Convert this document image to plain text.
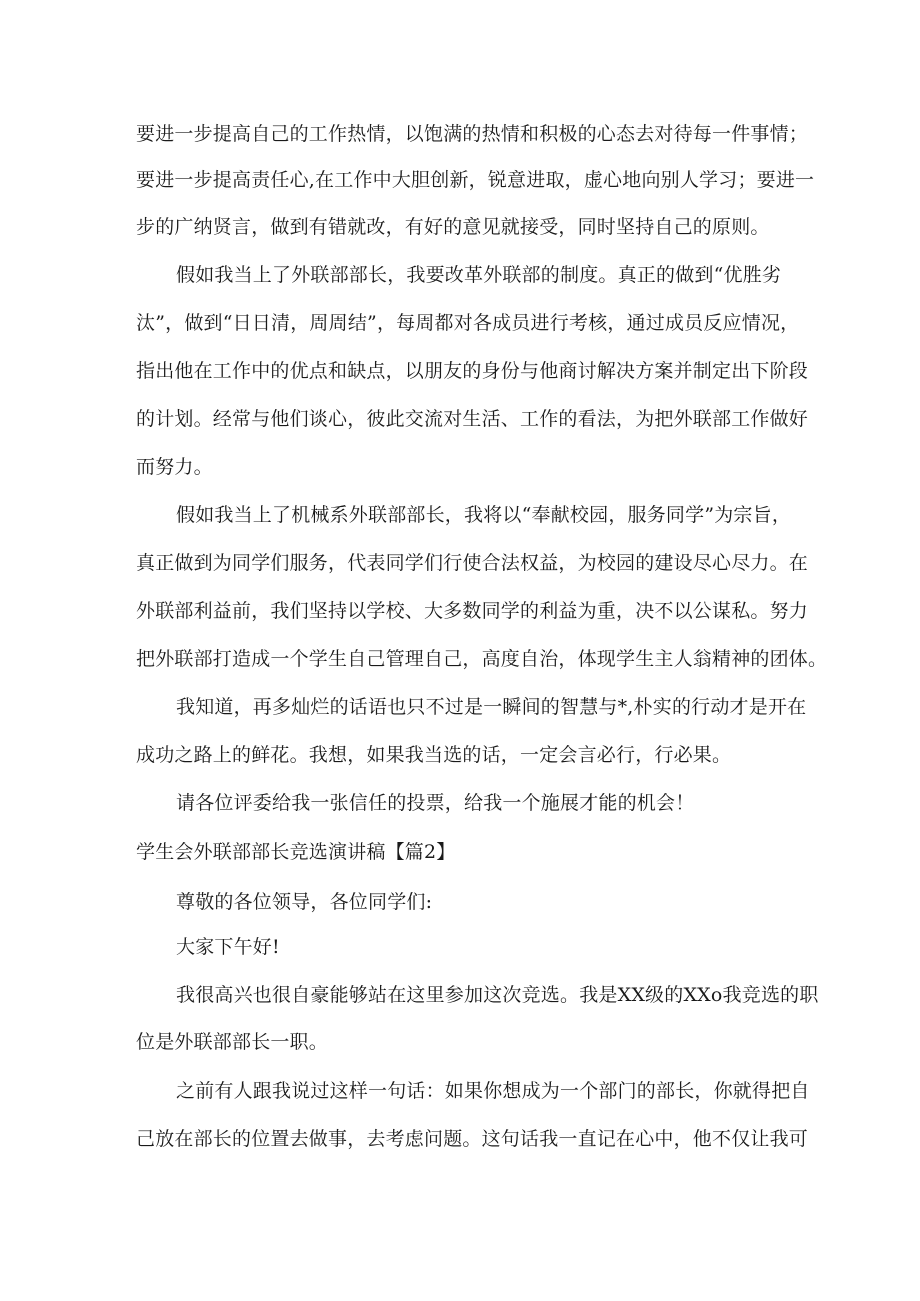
要进一步提高自己的工作热情，以饱满的热情和积极的心态去对待每一件事情；
要进一步提高责任心,在工作中大胆创新，锐意进取，虚心地向别人学习；要进一
步的广纳贤言，做到有错就改，有好的意见就接受，同时坚持自己的原则。
假如我当上了外联部部长，我要改革外联部的制度。真正的做到“优胜劣
汰”，做到“日日清，周周结”，每周都对各成员进行考核，通过成员反应情况，
指出他在工作中的优点和缺点，以朋友的身份与他商讨解决方案并制定出下阶段
的计划。经常与他们谈心，彼此交流对生活、工作的看法，为把外联部工作做好
而努力。
假如我当上了机械系外联部部长，我将以“奉献校园，服务同学”为宗旨，
真正做到为同学们服务，代表同学们行使合法权益，为校园的建设尽心尽力。在
外联部利益前，我们坚持以学校、大多数同学的利益为重，决不以公谋私。努力
把外联部打造成一个学生自己管理自己，高度自治，体现学生主人翁精神的团体。
我知道，再多灿烂的话语也只不过是一瞬间的智慧与*,朴实的行动才是开在
成功之路上的鲜花。我想，如果我当选的话，一定会言必行，行必果。
请各位评委给我一张信任的投票，给我一个施展才能的机会！
学生会外联部部长竞选演讲稿【篇2】
尊敬的各位领导，各位同学们:
大家下午好!
我很高兴也很自豪能够站在这里参加这次竞选。我是XX级的XXo我竞选的职
位是外联部部长一职。
之前有人跟我说过这样一句话：如果你想成为一个部门的部长，你就得把自
己放在部长的位置去做事，去考虑问题。这句话我一直记在心中，他不仅让我可
